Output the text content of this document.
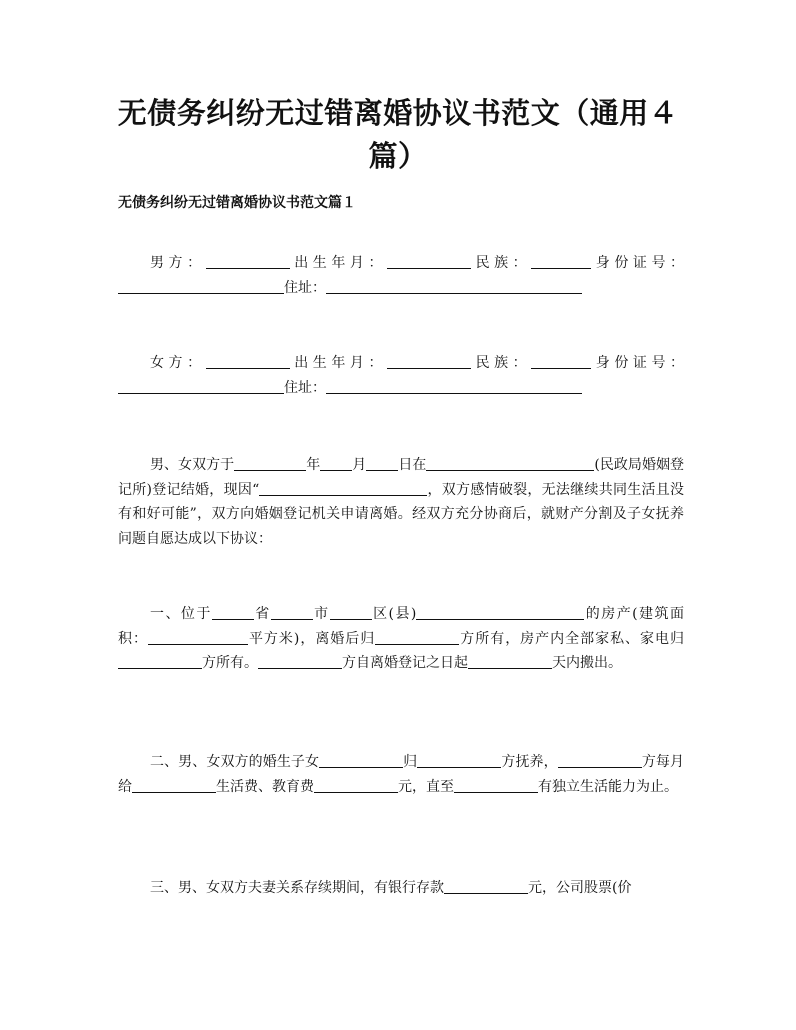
无债务纠纷无过错离婚协议书范文（通用４
篇）
无债务纠纷无过错离婚协议书范文篇１
男方：	出生年月：	民族：	身份证号：住址：
女方：	出生年月：	民族：	身份证号：住址：
男、女双方于	年 月 日在	(民政局婚姻登记所)登记结婚，现因“	，双方感情破裂，无法继续共同生活且没有和好可能”，双方向婚姻登记机关申请离婚。经双方充分协商后，就财产分割及子女抚养问题自愿达成以下协议：
一、位于	省	市	区(县)	的房产(建筑面积：	平方米)，离婚后归	方所有，房产内全部家私、家电归方所有。	方自离婚登记之日起	天内搬出。
二、男、女双方的婚生子女	归	方抚养，	方每月给	生活费、教育费	元，直至	有独立生活能力为止。
三、男、女双方夫妻关系存续期间，有银行存款	元，公司股票(价
